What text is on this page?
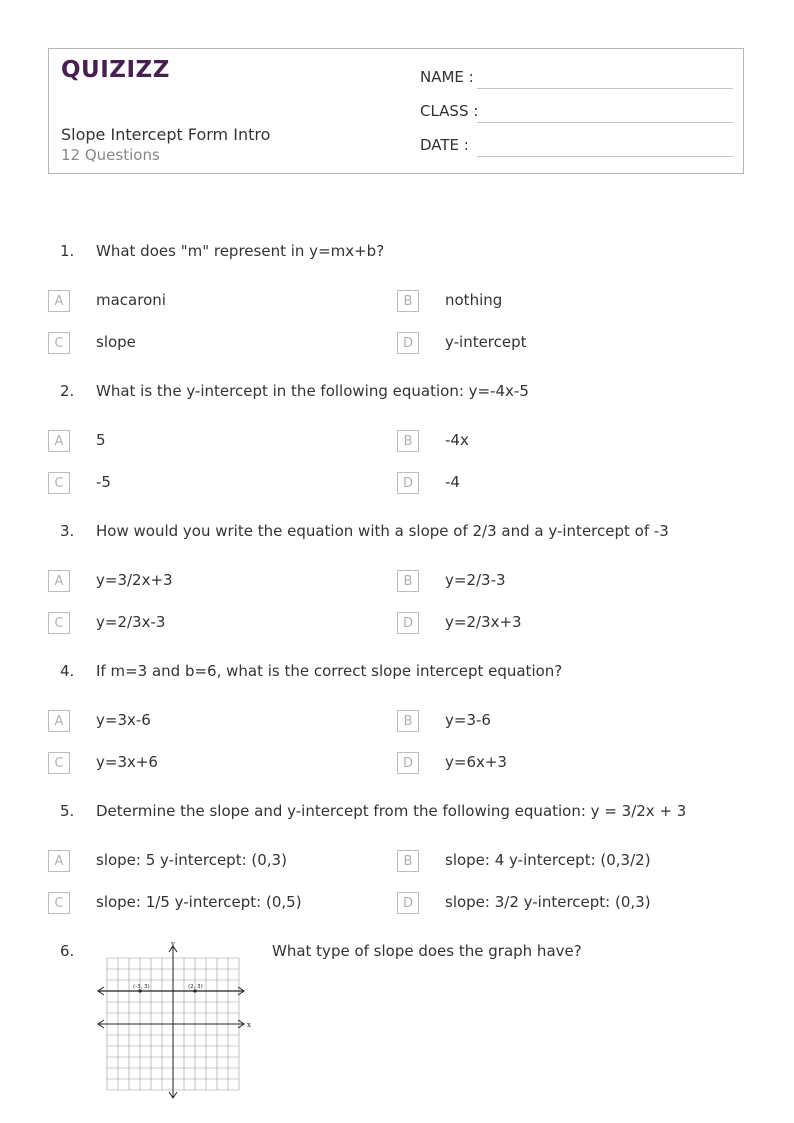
QUIZIZZ
Slope Intercept Form Intro
12 Questions
NAME :
CLASS :
DATE :
1. What does "m" represent in y=mx+b?
A	macaroni	B	nothing
C	slope	D	y-intercept
2. What is the y-intercept in the following equation: y=-4x-5
A	5	B	-4x
C	-5	D	-4
3. How would you write the equation with a slope of 2/3 and a y-intercept of -3
A	y=3/2x+3	B	y=2/3-3
C	y=2/3x-3	D	y=2/3x+3
4. If m=3 and b=6, what is the correct slope intercept equation?
A	y=3x-6	B	y=3-6
C	y=3x+6	D	y=6x+3
5. Determine the slope and y-intercept from the following equation: y = 3/2x + 3
A	slope: 5 y-intercept: (0,3)	B	slope: 4 y-intercept: (0,3/2)
C	slope: 1/5 y-intercept: (0,5)	D	slope: 3/2 y-intercept: (0,3)
6.	What type of slope does the graph have?
x
y
(-3, 3)	(2, 3)
